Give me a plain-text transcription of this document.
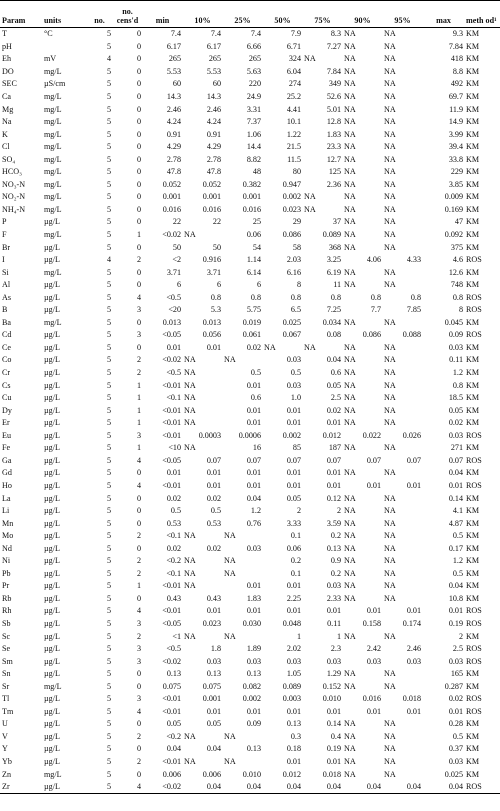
Param	units	no.	no. cens'd	min	10%	25%	50%	75%	90%	95%	max	meth od¹
T	°C	5	0	7.4	7.4	7.4	7.9	8.3	NA	NA	9.3	KM
pH		5	0	6.17	6.17	6.66	6.71	7.27	NA	NA	7.84	KM
Eh	mV	4	0	265	265	265	324	NA	NA	NA	418	KM
DO	mg/L	5	0	5.53	5.53	5.63	6.04	7.84	NA	NA	8.8	KM
SEC	µS/cm	5	0	60	60	220	274	349	NA	NA	492	KM
Ca	mg/L	5	0	14.3	14.3	24.9	25.2	52.6	NA	NA	69.7	KM
Mg	mg/L	5	0	2.46	2.46	3.31	4.41	5.01	NA	NA	11.9	KM
Na	mg/L	5	0	4.24	4.24	7.37	10.1	12.8	NA	NA	14.9	KM
K	mg/L	5	0	0.91	0.91	1.06	1.22	1.83	NA	NA	3.99	KM
Cl	mg/L	5	0	4.29	4.29	14.4	21.5	23.3	NA	NA	39.4	KM
SO₄	mg/L	5	0	2.78	2.78	8.82	11.5	12.7	NA	NA	33.8	KM
HCO₃	mg/L	5	0	47.8	47.8	48	80	125	NA	NA	229	KM
NO₃-N	mg/L	5	0	0.052	0.052	0.382	0.947	2.36	NA	NA	3.85	KM
NO₂-N	mg/L	5	0	0.001	0.001	0.001	0.002	NA	NA	NA	0.009	KM
NH₄-N	mg/L	5	0	0.016	0.016	0.016	0.023	NA	NA	NA	0.169	KM
P	µg/L	5	0	22	22	25	29	37	NA	NA	47	KM
F	mg/L	5	1	<0.02	NA	0.06	0.086	0.089	NA	NA	0.092	KM
Br	µg/L	5	0	50	50	54	58	368	NA	NA	375	KM
I	µg/L	4	2	<2	0.916	1.14	2.03	3.25	4.06	4.33	4.6	ROS
Si	mg/L	5	0	3.71	3.71	6.14	6.16	6.19	NA	NA	12.6	KM
Al	µg/L	5	0	6	6	6	8	11	NA	NA	748	KM
As	µg/L	5	4	<0.5	0.8	0.8	0.8	0.8	0.8	0.8	0.8	ROS
B	µg/L	5	3	<20	5.3	5.75	6.5	7.25	7.7	7.85	8	ROS
Ba	mg/L	5	0	0.013	0.013	0.019	0.025	0.034	NA	NA	0.045	KM
Cd	µg/L	5	3	<0.05	0.056	0.061	0.067	0.08	0.086	0.088	0.09	ROS
Ce	µg/L	5	0	0.01	0.01	0.02	NA	NA	NA	NA	0.03	KM
Co	µg/L	5	2	<0.02	NA	NA	0.03	0.04	NA	NA	0.11	KM
Cr	µg/L	5	2	<0.5	NA	0.5	0.5	0.6	NA	NA	1.2	KM
Cs	µg/L	5	1	<0.01	NA	0.01	0.03	0.05	NA	NA	0.8	KM
Cu	µg/L	5	1	<0.1	NA	0.6	1.0	2.5	NA	NA	18.5	KM
Dy	µg/L	5	1	<0.01	NA	0.01	0.01	0.02	NA	NA	0.05	KM
Er	µg/L	5	1	<0.01	NA	0.01	0.01	0.01	NA	NA	0.02	KM
Eu	µg/L	5	3	<0.01	0.0003	0.0006	0.002	0.012	0.022	0.026	0.03	ROS
Fe	µg/L	5	1	<10	NA	16	85	187	NA	NA	271	KM
Ga	µg/L	5	4	<0.05	0.07	0.07	0.07	0.07	0.07	0.07	0.07	ROS
Gd	µg/L	5	0	0.01	0.01	0.01	0.01	0.01	NA	NA	0.04	KM
Ho	µg/L	5	4	<0.01	0.01	0.01	0.01	0.01	0.01	0.01	0.01	ROS
La	µg/L	5	0	0.02	0.02	0.04	0.05	0.12	NA	NA	0.14	KM
Li	µg/L	5	0	0.5	0.5	1.2	2	2	NA	NA	4.1	KM
Mn	µg/L	5	0	0.53	0.53	0.76	3.33	3.59	NA	NA	4.87	KM
Mo	µg/L	5	2	<0.1	NA	NA	0.1	0.2	NA	NA	0.5	KM
Nd	µg/L	5	0	0.02	0.02	0.03	0.06	0.13	NA	NA	0.17	KM
Ni	µg/L	5	2	<0.2	NA	NA	0.2	0.9	NA	NA	1.2	KM
Pb	µg/L	5	2	<0.1	NA	NA	0.1	0.2	NA	NA	0.5	KM
Pr	µg/L	5	1	<0.01	NA	0.01	0.01	0.03	NA	NA	0.04	KM
Rb	µg/L	5	0	0.43	0.43	1.83	2.25	2.33	NA	NA	10.8	KM
Rh	µg/L	5	4	<0.01	0.01	0.01	0.01	0.01	0.01	0.01	0.01	ROS
Sb	µg/L	5	3	<0.05	0.023	0.030	0.048	0.11	0.158	0.174	0.19	ROS
Sc	µg/L	5	2	<1	NA	NA	1	1	NA	NA	2	KM
Se	µg/L	5	3	<0.5	1.8	1.89	2.02	2.3	2.42	2.46	2.5	ROS
Sm	µg/L	5	3	<0.02	0.03	0.03	0.03	0.03	0.03	0.03	0.03	ROS
Sn	µg/L	5	0	0.13	0.13	0.13	1.05	1.29	NA	NA	165	KM
Sr	mg/L	5	0	0.075	0.075	0.082	0.089	0.152	NA	NA	0.287	KM
Tl	µg/L	5	3	<0.01	0.001	0.002	0.003	0.010	0.016	0.018	0.02	ROS
Tm	µg/L	5	4	<0.01	0.01	0.01	0.01	0.01	0.01	0.01	0.01	ROS
U	µg/L	5	0	0.05	0.05	0.09	0.13	0.14	NA	NA	0.28	KM
V	µg/L	5	2	<0.2	NA	NA	0.3	0.4	NA	NA	0.5	KM
Y	µg/L	5	0	0.04	0.04	0.13	0.18	0.19	NA	NA	0.37	KM
Yb	µg/L	5	2	<0.01	NA	NA	0.01	0.01	NA	NA	0.03	KM
Zn	mg/L	5	0	0.006	0.006	0.010	0.012	0.018	NA	NA	0.025	KM
Zr	µg/L	5	4	<0.02	0.04	0.04	0.04	0.04	0.04	0.04	0.04	ROS
